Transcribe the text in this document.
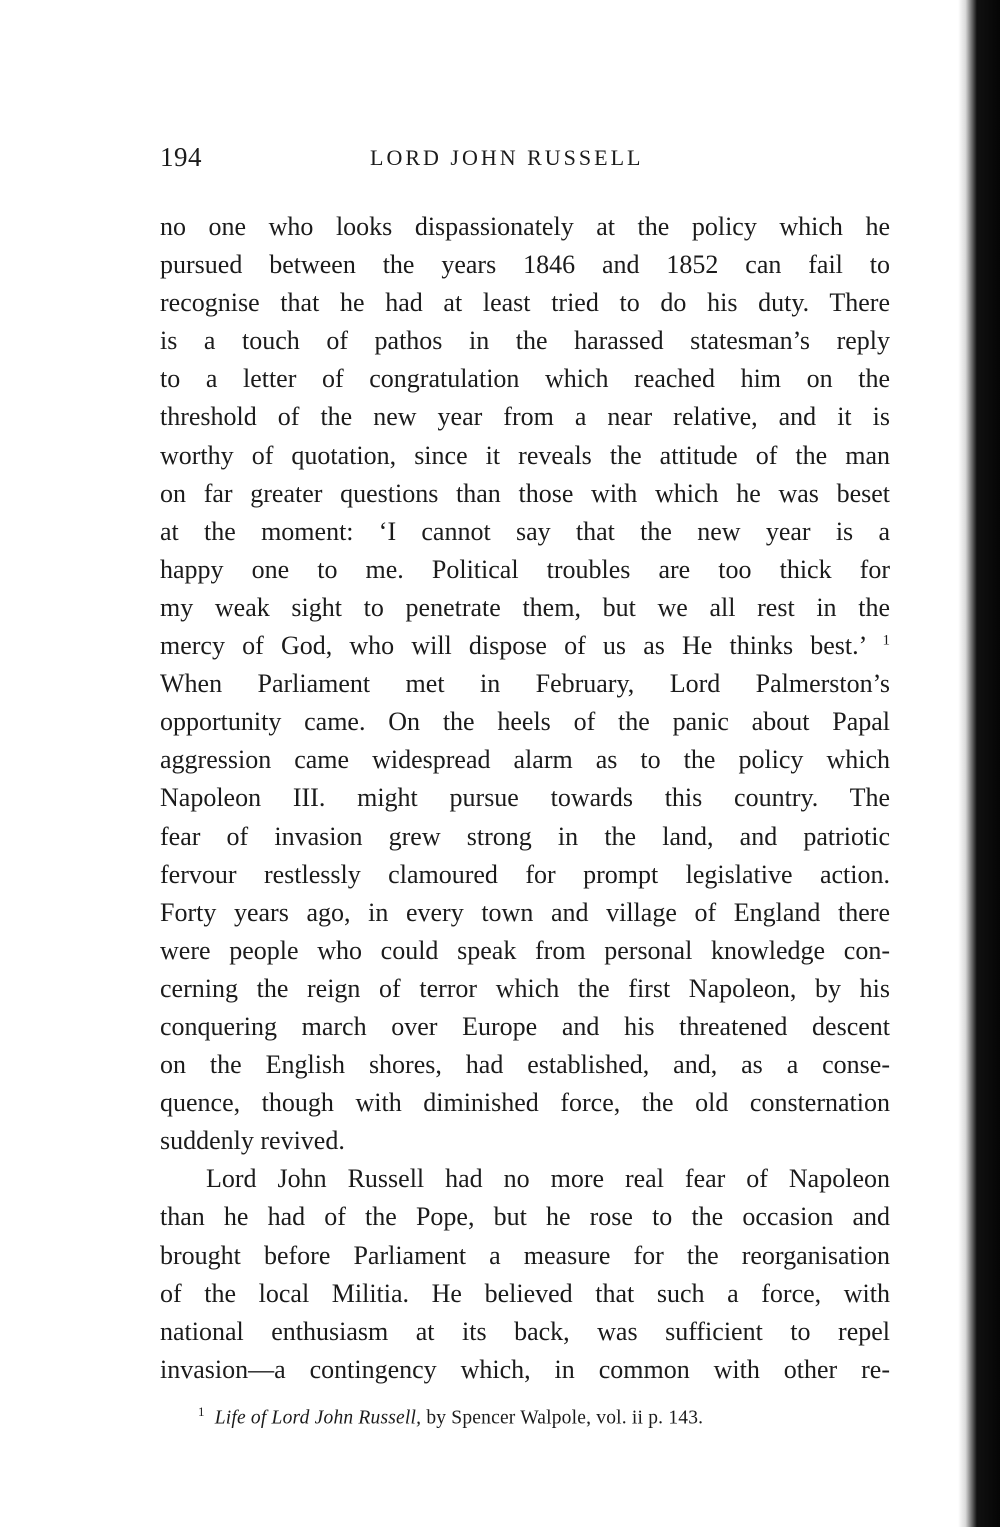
194	LORD JOHN RUSSELL

no one who looks dispassionately at the policy which he
pursued between the years 1846 and 1852 can fail to
recognise that he had at least tried to do his duty. There
is a touch of pathos in the harassed statesman’s reply
to a letter of congratulation which reached him on the
threshold of the new year from a near relative, and it is
worthy of quotation, since it reveals the attitude of the man
on far greater questions than those with which he was beset
at the moment: ‘I cannot say that the new year is a
happy one to me. Political troubles are too thick for
my weak sight to penetrate them, but we all rest in the
mercy of God, who will dispose of us as He thinks best.’ $^1$
When Parliament met in February, Lord Palmerston’s
opportunity came. On the heels of the panic about Papal
aggression came widespread alarm as to the policy which
Napoleon III. might pursue towards this country. The
fear of invasion grew strong in the land, and patriotic
fervour restlessly clamoured for prompt legislative action.
Forty years ago, in every town and village of England there
were people who could speak from personal knowledge con-
cerning the reign of terror which the first Napoleon, by his
conquering march over Europe and his threatened descent
on the English shores, had established, and, as a conse-
quence, though with diminished force, the old consternation
suddenly revived.

Lord John Russell had no more real fear of Napoleon
than he had of the Pope, but he rose to the occasion and
brought before Parliament a measure for the reorganisation
of the local Militia. He believed that such a force, with
national enthusiasm at its back, was sufficient to repel
invasion—a contingency which, in common with other re-

$^1$ Life of Lord John Russell, by Spencer Walpole, vol. ii p. 143.
